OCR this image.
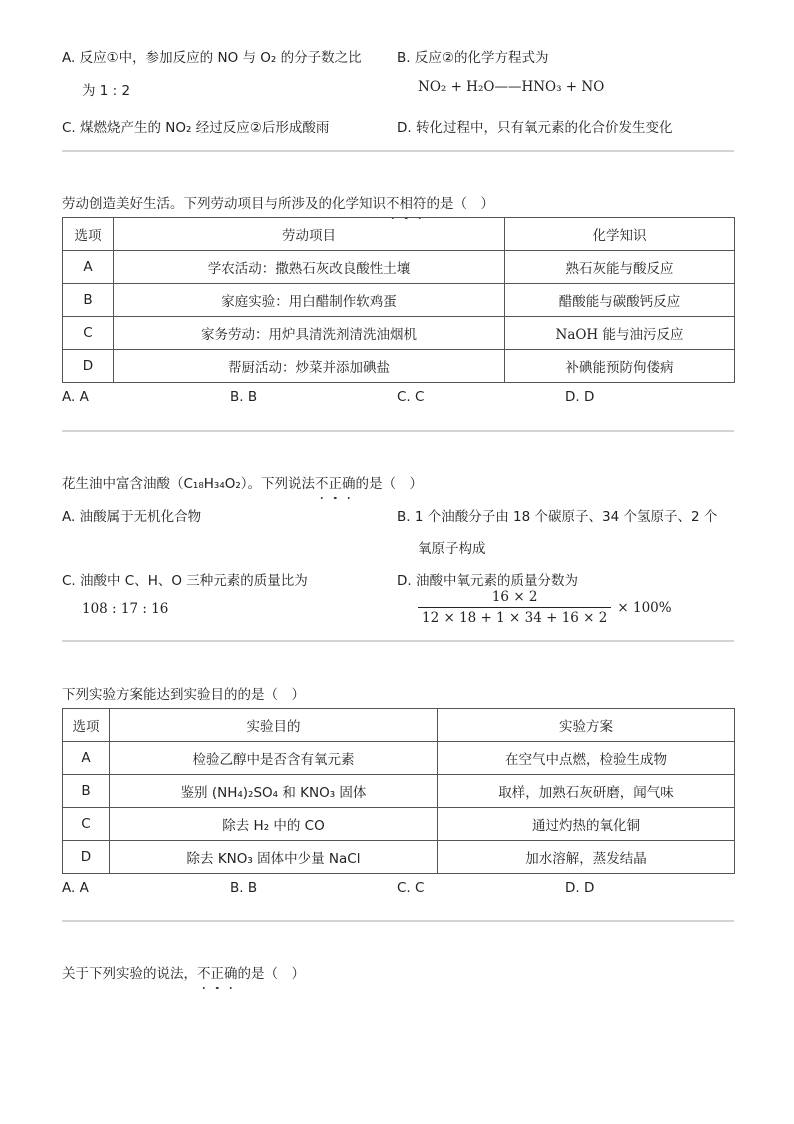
A. 反应①中，参加反应的 NO 与 O₂ 的分子数之比
为 1 : 2
B. 反应②的化学方程式为
NO₂ + H₂O——HNO₃ + NO
C. 煤燃烧产生的 NO₂ 经过反应②后形成酸雨	D. 转化过程中，只有氧元素的化合价发生变化
劳动创造美好生活。下列劳动项目与所涉及的化学知识不相符的是（　）
选项	劳动项目	化学知识
A	学农活动：撒熟石灰改良酸性土壤	熟石灰能与酸反应
B	家庭实验：用白醋制作软鸡蛋	醋酸能与碳酸钙反应
C	家务劳动：用炉具清洗剂清洗油烟机	NaOH 能与油污反应
D	帮厨活动：炒菜并添加碘盐	补碘能预防佝偻病
A. A	B. B	C. C	D. D
花生油中富含油酸（C₁₈H₃₄O₂）。下列说法不正确的是（　）
A. 油酸属于无机化合物	B. 1 个油酸分子由 18 个碳原子、34 个氢原子、2 个
氧原子构成
C. 油酸中 C、H、O 三种元素的质量比为
108 : 17 : 16
D. 油酸中氧元素的质量分数为
$\frac{16 \times 2}{12 \times 18 + 1 \times 34 + 16 \times 2} \times 100\%$
下列实验方案能达到实验目的的是（　）
选项	实验目的	实验方案
A	检验乙醇中是否含有氧元素	在空气中点燃，检验生成物
B	鉴别 (NH₄)₂SO₄ 和 KNO₃ 固体	取样，加熟石灰研磨，闻气味
C	除去 H₂ 中的 CO	通过灼热的氧化铜
D	除去 KNO₃ 固体中少量 NaCl	加水溶解，蒸发结晶
A. A	B. B	C. C	D. D
关于下列实验的说法，不正确的是（　）
